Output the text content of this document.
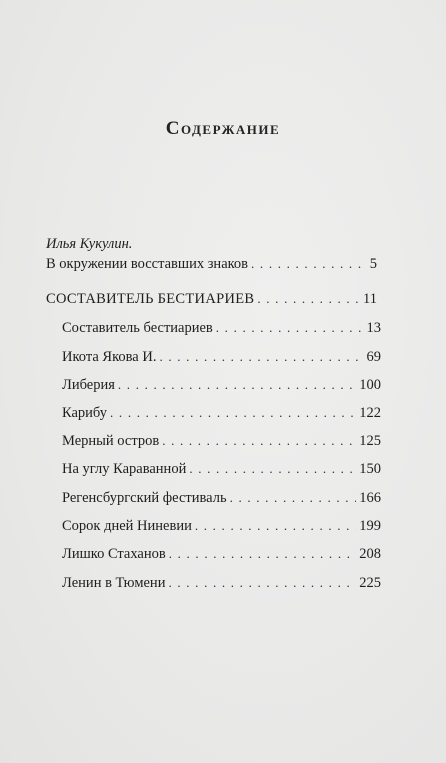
Содержание
Илья Кукулин.
В окружении восставших знаков . . .	5
СОСТАВИТЕЛЬ БЕСТИАРИЕВ . . .	11
Составитель бестиариев . . .	13
Икота Якова И. . . .	69
Либерия . . .	100
Карибу . . .	122
Мерный остров . . .	125
На углу Караванной . . .	150
Регенсбургский фестиваль . . .	166
Сорок дней Ниневии . . .	199
Лишко Стаханов . . .	208
Ленин в Тюмени . . .	225
